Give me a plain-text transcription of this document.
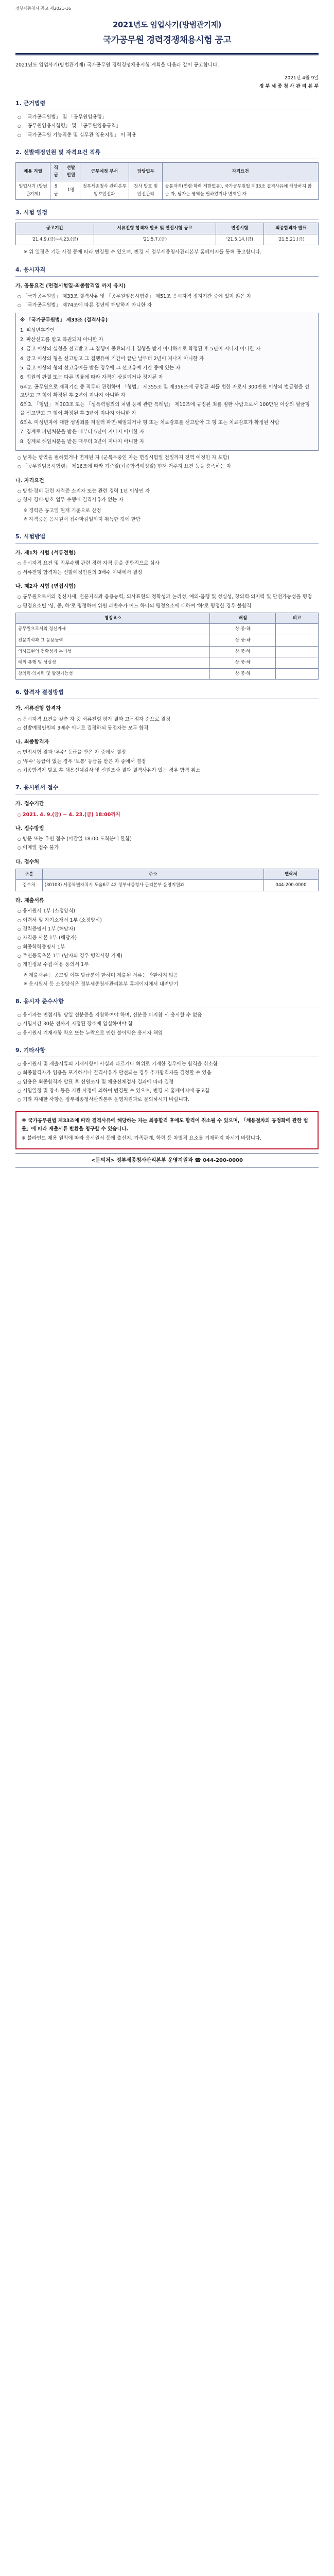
정부세종청사 공고 제2021-16
2021년도 임업사기(방범관기제)
국가공무원 경력경쟁채용시험 공고

2021년도 임업사기(방범관기제) 국가공무원 경력경쟁채용시험 계획을 다음과 같이 공고합니다.

2021년 4월 9일
정 부 세 종 청 사 관 리 본 부
1. 근거법령
○ 「국가공무원법」 및 「공무원임용령」
○ 「공무원임용시험령」 및 「공무원임용규칙」
○ 「국가공무원 기능직종 및 실무관 임용지침」 이 적용
2. 선발예정인원 및 자격요건 직류
채용 직렬	직급	선발 인원	근무예정 부서	담당업무	자격요건
임업사기 (방범관기제)	9급	1명	정부세종청사 관리본부 방호안전과	청사 방호 및 안전관리	공통자격(연령·학력 제한없음), 국가공무원법 제33조 결격사유에 해당하지 않는 자, 남자는 병역을 필하였거나 면제된 자
3. 시험 일정
공고기간	서류전형 합격자 발표 및 면접시험 공고	면접시험	최종합격자 발표
'21.4.9.(금)~4.23.(금)	'21.5.7.(금)	'21.5.14.(금)	'21.5.21.(금)
※ 위 일정은 기관 사정 등에 따라 변경될 수 있으며, 변경 시 정부세종청사관리본부 홈페이지를 통해 공고합니다.
4. 응시자격
가. 공통요건 (면접시험일·최종합격일 까지 유지)
○ 「국가공무원법」 제33조 결격사유 및 「공무원임용시험령」 제51조 응시자격 정지기간 중에 있지 않은 자
○ 「국가공무원법」 제74조에 따른 정년에 해당하지 아니한 자
※ 「국가공무원법」 제33조 (결격사유)

1. 피성년후견인

2. 파산선고를 받고 복권되지 아니한 자

3. 금고 이상의 실형을 선고받고 그 집행이 종료되거나 집행을 받지 아니하기로 확정된 후 5년이 지나지 아니한 자

4. 금고 이상의 형을 선고받고 그 집행유예 기간이 끝난 날부터 2년이 지나지 아니한 자

5. 금고 이상의 형의 선고유예를 받은 경우에 그 선고유예 기간 중에 있는 자

6. 법원의 판결 또는 다른 법률에 따라 자격이 상실되거나 정지된 자

6의2. 공무원으로 재직기간 중 직무와 관련하여 「형법」 제355조 및 제356조에 규정된 죄를 범한 자로서 300만원 이상의 벌금형을 선고받고 그 형이 확정된 후 2년이 지나지 아니한 자

6의3. 「형법」 제303조 또는 「성폭력범죄의 처벌 등에 관한 특례법」 제10조에 규정된 죄를 범한 사람으로서 100만원 이상의 벌금형을 선고받고 그 형이 확정된 후 3년이 지나지 아니한 자

6의4. 미성년자에 대한 성범죄를 저질러 파면·해임되거나 형 또는 치료감호를 선고받아 그 형 또는 치료감호가 확정된 사람

7. 징계로 파면처분을 받은 때부터 5년이 지나지 아니한 자

8. 징계로 해임처분을 받은 때부터 3년이 지나지 아니한 자

○ 남자는 병역을 필하였거나 면제된 자 (군복무중인 자는 면접시험일 전일까지 전역 예정인 자 포함)
○ 「공무원임용시험령」 제16조에 따라 기준일(최종합격예정일) 현재 거주지 요건 등을 충족하는 자
나. 자격요건
○ 방범·경비 관련 자격증 소지자 또는 관련 경력 1년 이상인 자
○ 청사 경비·방호 업무 수행에 결격사유가 없는 자
※ 경력은 공고일 현재 기준으로 산정
※ 자격증은 응시원서 접수마감일까지 취득한 것에 한함
5. 시험방법
가. 제1차 시험 (서류전형)
○ 응시자격 요건 및 직무수행 관련 경력·자격 등을 종합적으로 심사
○ 서류전형 합격자는 선발예정인원의 3배수 이내에서 결정
나. 제2차 시험 (면접시험)
○ 공무원으로서의 정신자세, 전문지식과 응용능력, 의사표현의 정확성과 논리성, 예의·품행 및 성실성, 창의력·의지력 및 발전가능성을 평정
○ 평정요소별 '상, 중, 하'로 평정하며 위원 과반수가 어느 하나의 평정요소에 대하여 '하'로 평정한 경우 불합격
평정요소	배점	비고
공무원으로서의 정신자세	상·중·하	
전문지식과 그 응용능력	상·중·하	
의사표현의 정확성과 논리성	상·중·하	
예의·품행 및 성실성	상·중·하	
창의력·의지력 및 발전가능성	상·중·하	
6. 합격자 결정방법
가. 서류전형 합격자
○ 응시자격 요건을 갖춘 자 중 서류전형 평가 결과 고득점자 순으로 결정
○ 선발예정인원의 3배수 이내로 결정하되 동점자는 모두 합격
나. 최종합격자
○ 면접시험 결과 '우수' 등급을 받은 자 중에서 결정
○ '우수' 등급이 없는 경우 '보통' 등급을 받은 자 중에서 결정
○ 최종합격자 발표 후 채용신체검사 및 신원조사 결과 결격사유가 있는 경우 합격 취소
7. 응시원서 접수
가. 접수기간
○ 2021. 4. 9.(금) ~ 4. 23.(금) 18:00까지
나. 접수방법
○ 방문 또는 우편 접수 (마감일 18:00 도착분에 한함)
○ 이메일 접수 불가
다. 접수처
구분	주소	연락처
접수처	(30103) 세종특별자치시 도움6로 42 정부세종청사 관리본부 운영지원과	044-200-0000
라. 제출서류
○ 응시원서 1부 (소정양식)
○ 이력서 및 자기소개서 1부 (소정양식)
○ 경력증명서 1부 (해당자)
○ 자격증 사본 1부 (해당자)
○ 최종학력증명서 1부
○ 주민등록초본 1부 (남자의 경우 병역사항 기재)
○ 개인정보 수집·이용 동의서 1부
※ 제출서류는 공고일 이후 발급분에 한하며 제출된 서류는 반환하지 않음
※ 응시원서 등 소정양식은 정부세종청사관리본부 홈페이지에서 내려받기
8. 응시자 준수사항
○ 응시자는 면접시험 당일 신분증을 지참하여야 하며, 신분증 미지참 시 응시할 수 없음
○ 시험시간 30분 전까지 지정된 장소에 입실하여야 함
○ 응시원서 기재사항 착오 또는 누락으로 인한 불이익은 응시자 책임
9. 기타사항
○ 응시원서 및 제출서류의 기재사항이 사실과 다르거나 허위로 기재한 경우에는 합격을 취소함
○ 최종합격자가 임용을 포기하거나 결격사유가 발견되는 경우 추가합격자를 결정할 수 있음
○ 임용은 최종합격자 발표 후 신원조사 및 채용신체검사 결과에 따라 결정
○ 시험일정 및 장소 등은 기관 사정에 의하여 변경될 수 있으며, 변경 시 홈페이지에 공고함
○ 기타 자세한 사항은 정부세종청사관리본부 운영지원과로 문의하시기 바랍니다.

※ 국가공무원법 제33조에 따라 결격사유에 해당하는 자는 최종합격 후에도 합격이 취소될 수 있으며, 「채용절차의 공정화에 관한 법률」에 따라 제출서류 반환을 청구할 수 있습니다.

※ 블라인드 채용 원칙에 따라 응시원서 등에 출신지, 가족관계, 학력 등 차별적 요소를 기재하지 마시기 바랍니다.

<문의처> 정부세종청사관리본부 운영지원과 ☎ 044-200-0000
